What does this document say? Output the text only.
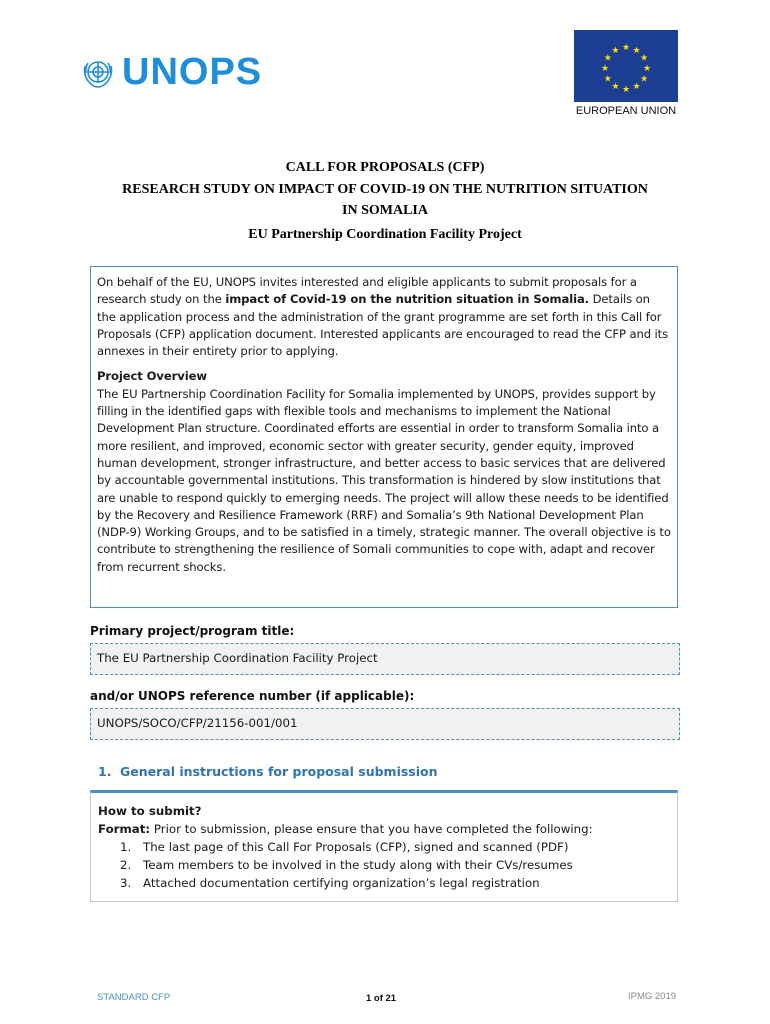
UNOPS
★ ★
★
★
★
★
★
★
★
★
★
★
EUROPEAN UNION
CALL FOR PROPOSALS (CFP)
RESEARCH STUDY ON IMPACT OF COVID-19 ON THE NUTRITION SITUATION
IN SOMALIA
EU Partnership Coordination Facility Project

On behalf of the EU, UNOPS invites interested and eligible applicants to submit proposals for a research study on the impact of Covid-19 on the nutrition situation in Somalia. Details on the application process and the administration of the grant programme are set forth in this Call for Proposals (CFP) application document. Interested applicants are encouraged to read the CFP and its annexes in their entirety prior to applying.

Project Overview

The EU Partnership Coordination Facility for Somalia implemented by UNOPS, provides support by filling in the identified gaps with flexible tools and mechanisms to implement the National Development Plan structure. Coordinated efforts are essential in order to transform Somalia into a more resilient, and improved, economic sector with greater security, gender equity, improved human development, stronger infrastructure, and better access to basic services that are delivered by accountable governmental institutions. This transformation is hindered by slow institutions that are unable to respond quickly to emerging needs. The project will allow these needs to be identified by the Recovery and Resilience Framework (RRF) and Somalia’s 9th National Development Plan (NDP-9) Working Groups, and to be satisfied in a timely, strategic manner. The overall objective is to contribute to strengthening the resilience of Somali communities to cope with, adapt and recover from recurrent shocks.

Primary project/program title:
The EU Partnership Coordination Facility Project
and/or UNOPS reference number (if applicable):
UNOPS/SOCO/CFP/21156-001/001
1. General instructions for proposal submission

How to submit?

Format: Prior to submission, please ensure that you have completed the following:

1. The last page of this Call For Proposals (CFP), signed and scanned (PDF)
2. Team members to be involved in the study along with their CVs/resumes
3. Attached documentation certifying organization’s legal registration
STANDARD CFP	1 of 21	IPMG 2019
